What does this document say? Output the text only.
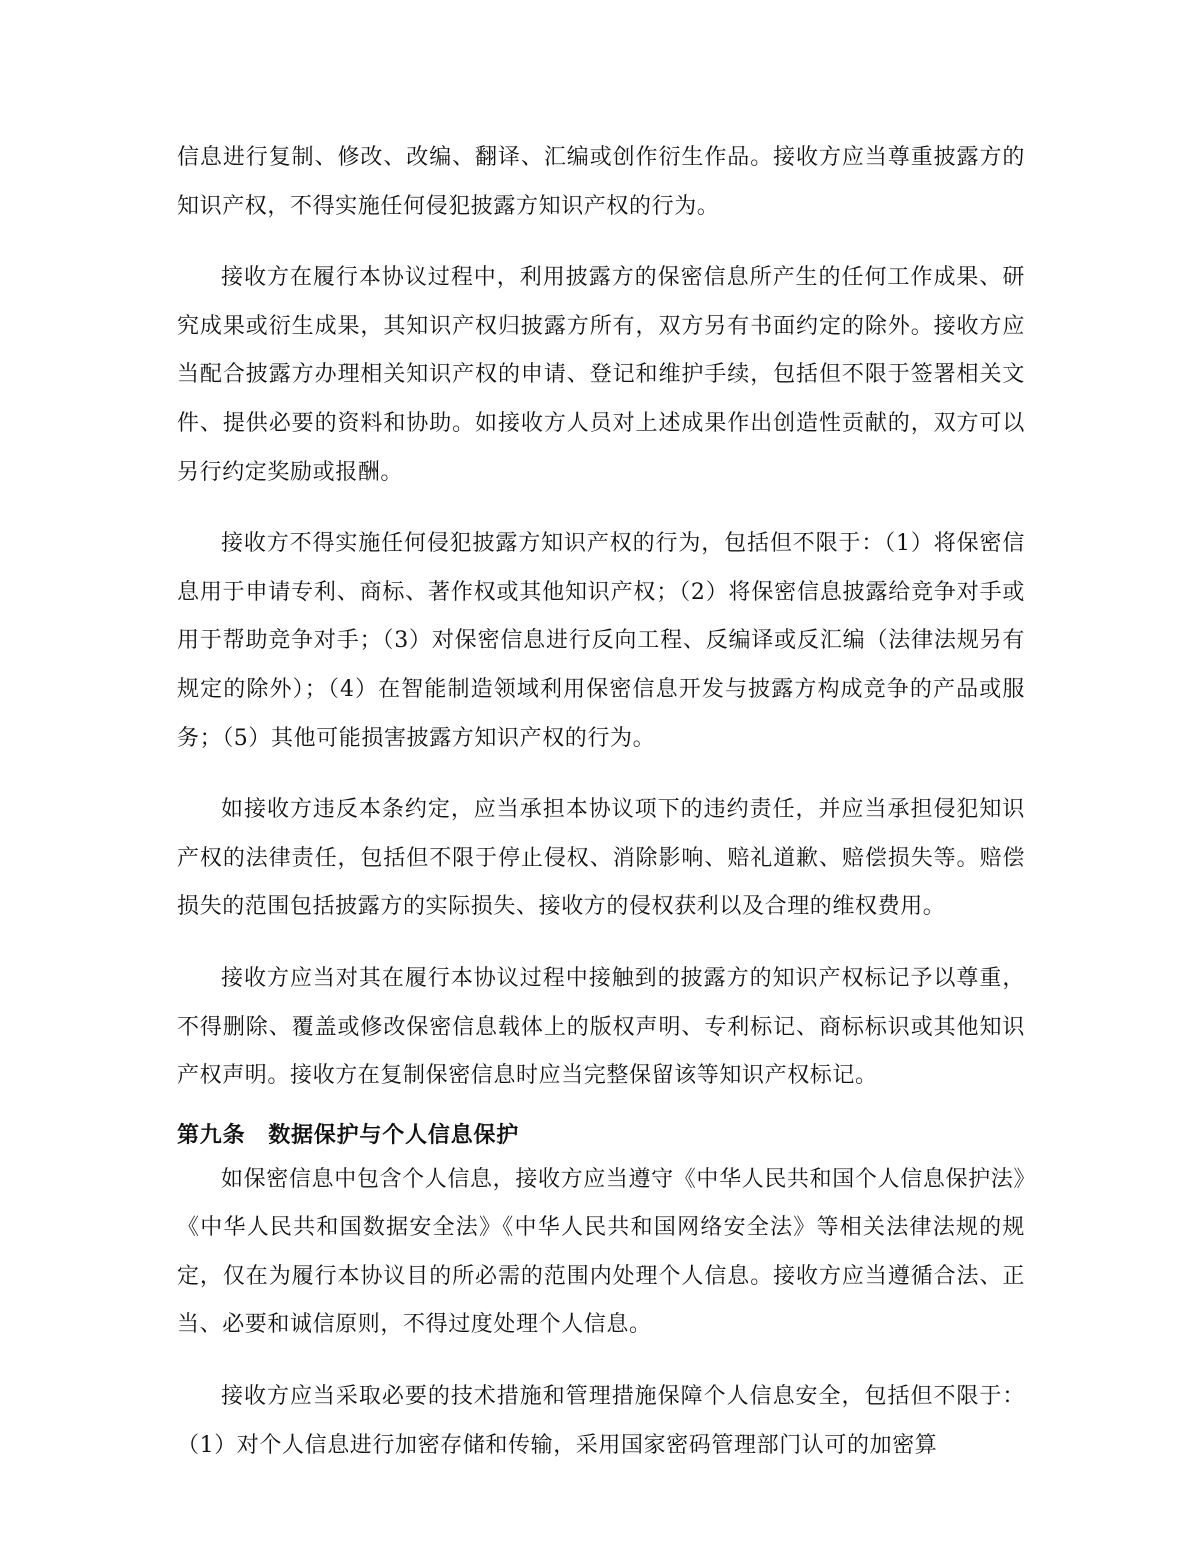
信息进行复制、修改、改编、翻译、汇编或创作衍生作品。接收方应当尊重披露方的知识产权，不得实施任何侵犯披露方知识产权的行为。

接收方在履行本协议过程中，利用披露方的保密信息所产生的任何工作成果、研究成果或衍生成果，其知识产权归披露方所有，双方另有书面约定的除外。接收方应当配合披露方办理相关知识产权的申请、登记和维护手续，包括但不限于签署相关文件、提供必要的资料和协助。如接收方人员对上述成果作出创造性贡献的，双方可以另行约定奖励或报酬。

接收方不得实施任何侵犯披露方知识产权的行为，包括但不限于：（1）将保密信息用于申请专利、商标、著作权或其他知识产权；（2）将保密信息披露给竞争对手或用于帮助竞争对手；（3）对保密信息进行反向工程、反编译或反汇编（法律法规另有规定的除外）；（4）在智能制造领域利用保密信息开发与披露方构成竞争的产品或服务；（5）其他可能损害披露方知识产权的行为。

如接收方违反本条约定，应当承担本协议项下的违约责任，并应当承担侵犯知识产权的法律责任，包括但不限于停止侵权、消除影响、赔礼道歉、赔偿损失等。赔偿损失的范围包括披露方的实际损失、接收方的侵权获利以及合理的维权费用。

接收方应当对其在履行本协议过程中接触到的披露方的知识产权标记予以尊重，不得删除、覆盖或修改保密信息载体上的版权声明、专利标记、商标标识或其他知识产权声明。接收方在复制保密信息时应当完整保留该等知识产权标记。

第九条　数据保护与个人信息保护

如保密信息中包含个人信息，接收方应当遵守《中华人民共和国个人信息保护法》《中华人民共和国数据安全法》《中华人民共和国网络安全法》等相关法律法规的规定，仅在为履行本协议目的所必需的范围内处理个人信息。接收方应当遵循合法、正当、必要和诚信原则，不得过度处理个人信息。

接收方应当采取必要的技术措施和管理措施保障个人信息安全，包括但不限于：（1）对个人信息进行加密存储和传输，采用国家密码管理部门认可的加密算
